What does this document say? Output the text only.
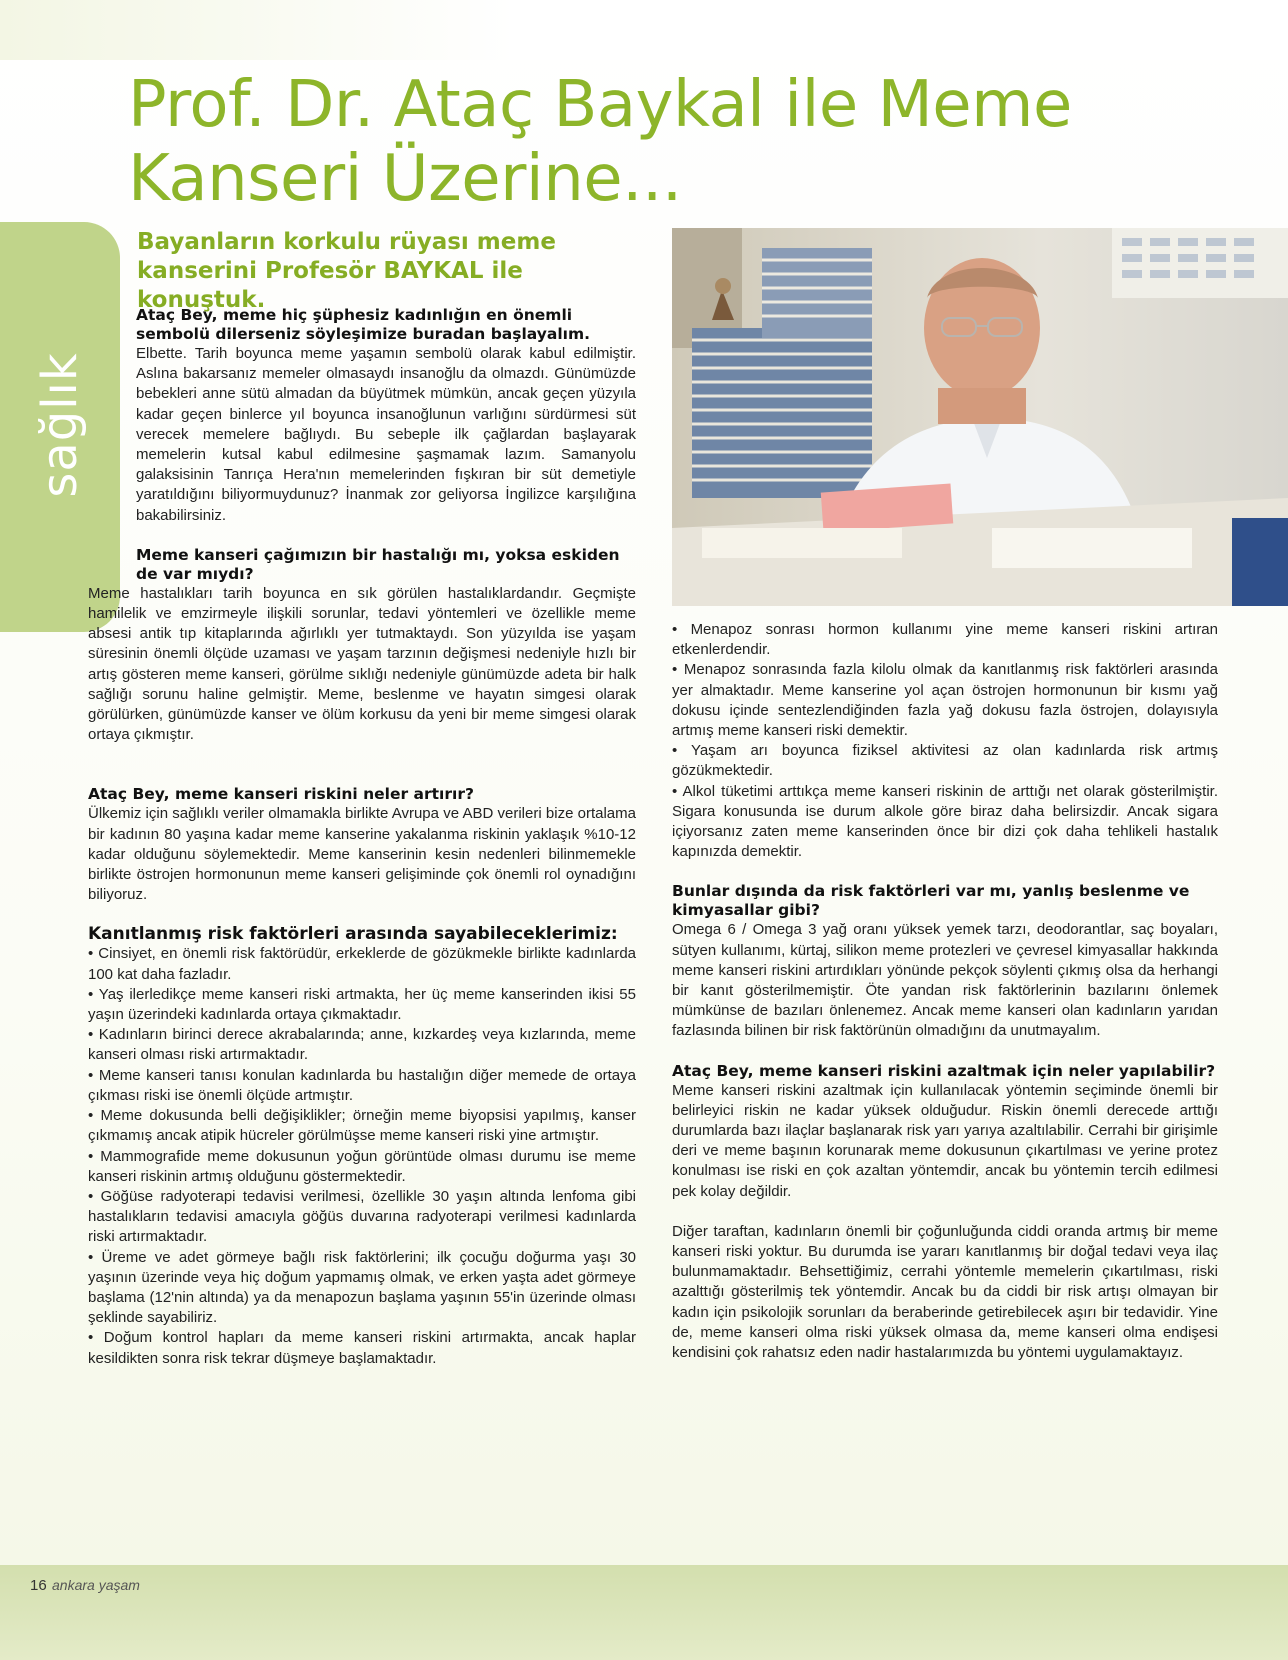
Prof. Dr. Ataç Baykal ile Meme Kanseri Üzerine...
sağlık

Bayanların korkulu rüyası meme kanserini Profesör BAYKAL ile konuştuk.

Ataç Bey, meme hiç şüphesiz kadınlığın en önemli sembolü dilerseniz söyleşimize buradan başlayalım.

Elbette. Tarih boyunca meme yaşamın sembolü olarak kabul edilmiştir. Aslına bakarsanız memeler olmasaydı insanoğlu da olmazdı. Günümüzde bebekleri anne sütü almadan da büyütmek mümkün, ancak geçen yüzyıla kadar geçen binlerce yıl boyunca insanoğlunun varlığını sürdürmesi süt verecek memelere bağlıydı. Bu sebeple ilk çağlardan başlayarak memelerin kutsal kabul edilmesine şaşmamak lazım. Samanyolu galaksisinin Tanrıça Hera'nın memelerinden fışkıran bir süt demetiyle yaratıldığını biliyormuydunuz? İnanmak zor geliyorsa İngilizce karşılığına bakabilirsiniz.

Meme kanseri çağımızın bir hastalığı mı, yoksa eskiden de var mıydı?

Meme hastalıkları tarih boyunca en sık görülen hastalıklardandır. Geçmişte hamilelik ve emzirmeyle ilişkili sorunlar, tedavi yöntemleri ve özellikle meme absesi antik tıp kitaplarında ağırlıklı yer tutmaktaydı. Son yüzyılda ise yaşam süresinin önemli ölçüde uzaması ve yaşam tarzının değişmesi nedeniyle hızlı bir artış gösteren meme kanseri, görülme sıklığı nedeniyle günümüzde adeta bir halk sağlığı sorunu haline gelmiştir. Meme, beslenme ve hayatın simgesi olarak görülürken, günümüzde kanser ve ölüm korkusu da yeni bir meme simgesi olarak ortaya çıkmıştır.

Ataç Bey, meme kanseri riskini neler artırır?

Ülkemiz için sağlıklı veriler olmamakla birlikte Avrupa ve ABD verileri bize ortalama bir kadının 80 yaşına kadar meme kanserine yakalanma riskinin yaklaşık %10-12 kadar olduğunu söylemektedir. Meme kanserinin kesin nedenleri bilinmemekle birlikte östrojen hormonunun meme kanseri gelişiminde çok önemli rol oynadığını biliyoruz.

Kanıtlanmış risk faktörleri arasında sayabileceklerimiz:

• Cinsiyet, en önemli risk faktörüdür, erkeklerde de gözükmekle birlikte kadınlarda 100 kat daha fazladır.

• Yaş ilerledikçe meme kanseri riski artmakta, her üç meme kanserinden ikisi 55 yaşın üzerindeki kadınlarda ortaya çıkmaktadır.

• Kadınların birinci derece akrabalarında; anne, kızkardeş veya kızlarında, meme kanseri olması riski artırmaktadır.

• Meme kanseri tanısı konulan kadınlarda bu hastalığın diğer memede de ortaya çıkması riski ise önemli ölçüde artmıştır.

• Meme dokusunda belli değişiklikler; örneğin meme biyopsisi yapılmış, kanser çıkmamış ancak atipik hücreler görülmüşse meme kanseri riski yine artmıştır.

• Mammografide meme dokusunun yoğun görüntüde olması durumu ise meme kanseri riskinin artmış olduğunu göstermektedir.

• Göğüse radyoterapi tedavisi verilmesi, özellikle 30 yaşın altında lenfoma gibi hastalıkların tedavisi amacıyla göğüs duvarına radyoterapi verilmesi kadınlarda riski artırmaktadır.

• Üreme ve adet görmeye bağlı risk faktörlerini; ilk çocuğu doğurma yaşı 30 yaşının üzerinde veya hiç doğum yapmamış olmak, ve erken yaşta adet görmeye başlama (12'nin altında) ya da menapozun başlama yaşının 55'in üzerinde olması şeklinde sayabiliriz.

• Doğum kontrol hapları da meme kanseri riskini artırmakta, ancak haplar kesildikten sonra risk tekrar düşmeye başlamaktadır.

• Menapoz sonrası hormon kullanımı yine meme kanseri riskini artıran etkenlerdendir.

• Menapoz sonrasında fazla kilolu olmak da kanıtlanmış risk faktörleri arasında yer almaktadır. Meme kanserine yol açan östrojen hormonunun bir kısmı yağ dokusu içinde sentezlendiğinden fazla yağ dokusu fazla östrojen, dolayısıyla artmış meme kanseri riski demektir.

• Yaşam arı boyunca fiziksel aktivitesi az olan kadınlarda risk artmış gözükmektedir.

• Alkol tüketimi arttıkça meme kanseri riskinin de arttığı net olarak gösterilmiştir. Sigara konusunda ise durum alkole göre biraz daha belirsizdir. Ancak sigara içiyorsanız zaten meme kanserinden önce bir dizi çok daha tehlikeli hastalık kapınızda demektir.

Bunlar dışında da risk faktörleri var mı, yanlış beslenme ve kimyasallar gibi?

Omega 6 / Omega 3 yağ oranı yüksek yemek tarzı, deodorantlar, saç boyaları, sütyen kullanımı, kürtaj, silikon meme protezleri ve çevresel kimyasallar hakkında meme kanseri riskini artırdıkları yönünde pekçok söylenti çıkmış olsa da herhangi bir kanıt gösterilmemiştir. Öte yandan risk faktörlerinin bazılarını önlemek mümkünse de bazıları önlenemez. Ancak meme kanseri olan kadınların yarıdan fazlasında bilinen bir risk faktörünün olmadığını da unutmayalım.

Ataç Bey, meme kanseri riskini azaltmak için neler yapılabilir?

Meme kanseri riskini azaltmak için kullanılacak yöntemin seçiminde önemli bir belirleyici riskin ne kadar yüksek olduğudur. Riskin önemli derecede arttığı durumlarda bazı ilaçlar başlanarak risk yarı yarıya azaltılabilir. Cerrahi bir girişimle deri ve meme başının korunarak meme dokusunun çıkartılması ve yerine protez konulması ise riski en çok azaltan yöntemdir, ancak bu yöntemin tercih edilmesi pek kolay değildir.

Diğer taraftan, kadınların önemli bir çoğunluğunda ciddi oranda artmış bir meme kanseri riski yoktur. Bu durumda ise yararı kanıtlanmış bir doğal tedavi veya ilaç bulunmamaktadır. Behsettiğimiz, cerrahi yöntemle memelerin çıkartılması, riski azalttığı gösterilmiş tek yöntemdir. Ancak bu da ciddi bir risk artışı olmayan bir kadın için psikolojik sorunları da beraberinde getirebilecek aşırı bir tedavidir. Yine de, meme kanseri olma riski yüksek olmasa da, meme kanseri olma endişesi kendisini çok rahatsız eden nadir hastalarımızda bu yöntemi uygulamaktayız.

16 ankara yaşam
